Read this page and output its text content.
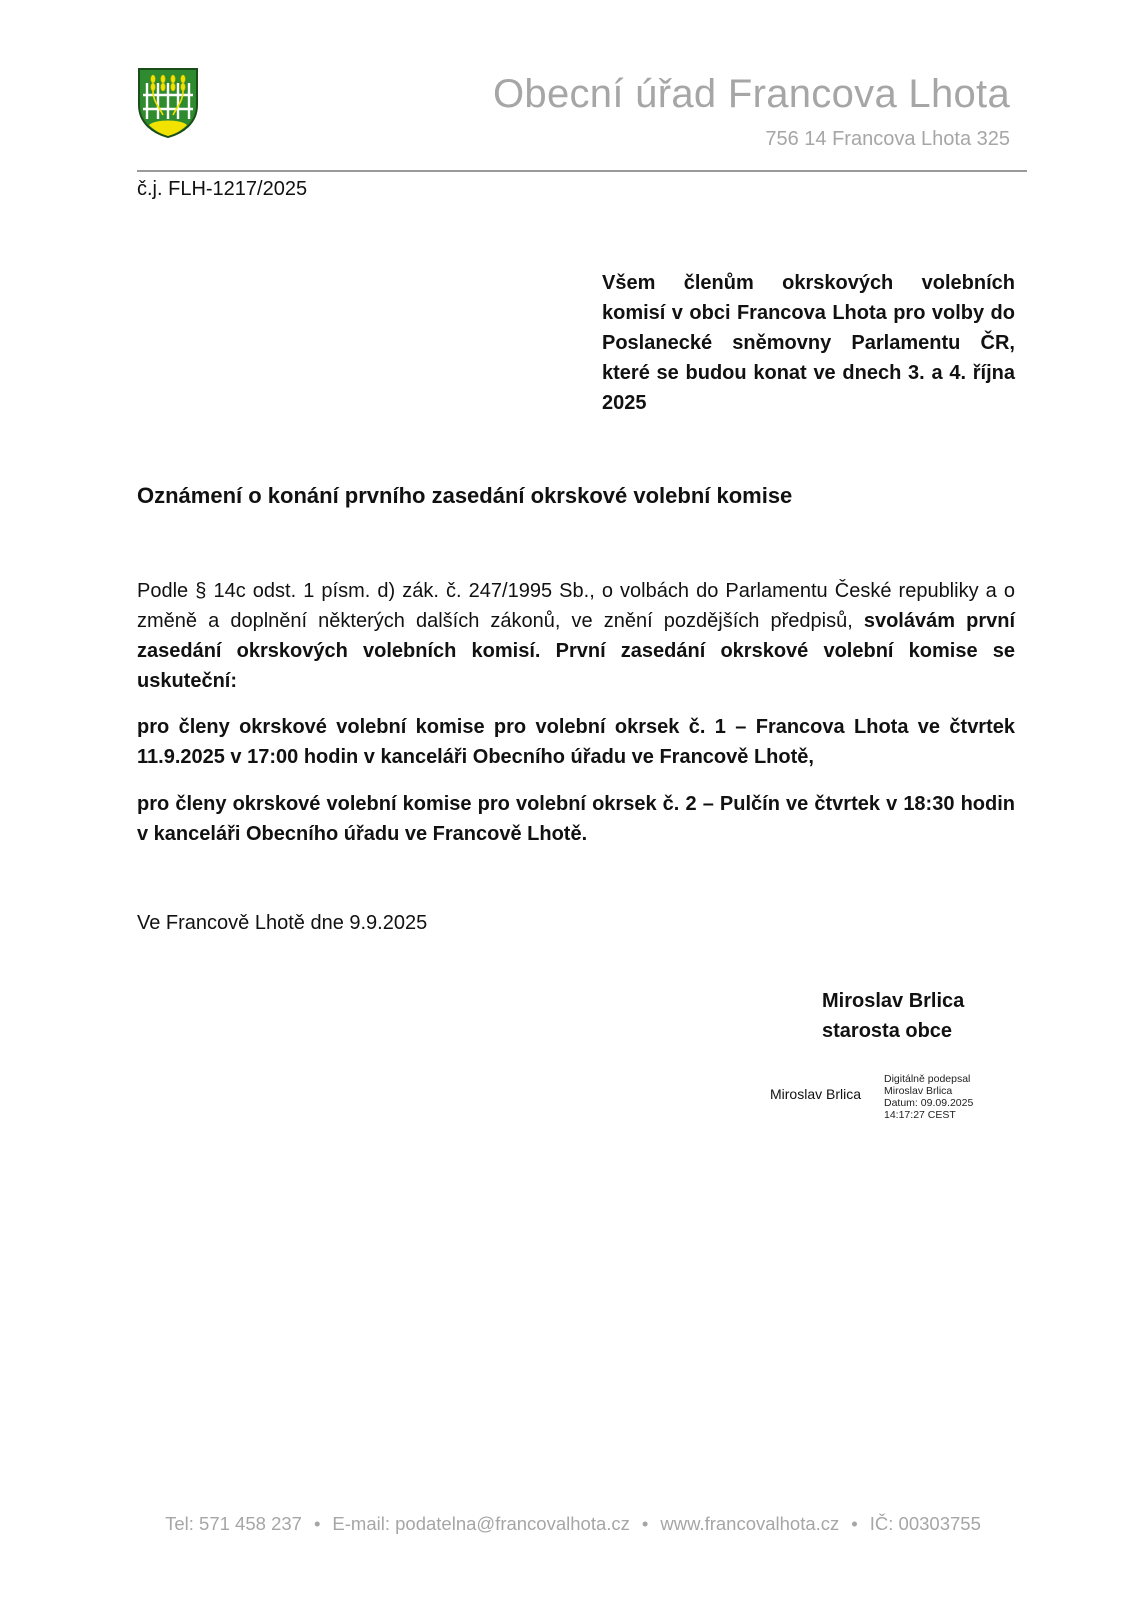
Obecní úřad Francova Lhota
756 14 Francova Lhota 325
č.j. FLH-1217/2025
Všem členům okrskových volebních komisí v obci Francova Lhota pro volby do Poslanecké sněmovny Parlamentu ČR, které se budou konat ve dnech 3. a 4. října 2025
Oznámení o konání prvního zasedání okrskové volební komise
Podle § 14c odst. 1 písm. d) zák. č. 247/1995 Sb., o volbách do Parlamentu České republiky a o změně a doplnění některých dalších zákonů, ve znění pozdějších předpisů, svolávám první zasedání okrskových volebních komisí. První zasedání okrskové volební komise se uskuteční:
pro členy okrskové volební komise pro volební okrsek č. 1 – Francova Lhota ve čtvrtek 11.9.2025 v 17:00 hodin v kanceláři Obecního úřadu ve Francově Lhotě,
pro členy okrskové volební komise pro volební okrsek č. 2 – Pulčín ve čtvrtek v 18:30 hodin v kanceláři Obecního úřadu ve Francově Lhotě.
Ve Francově Lhotě dne 9.9.2025
Miroslav Brlica
starosta obce
Miroslav Brlica
Digitálně podepsal
Miroslav Brlica
Datum: 09.09.2025
14:17:27 CEST
Tel: 571 458 237 • E-mail: podatelna@francovalhota.cz • www.francovalhota.cz • IČ: 00303755
